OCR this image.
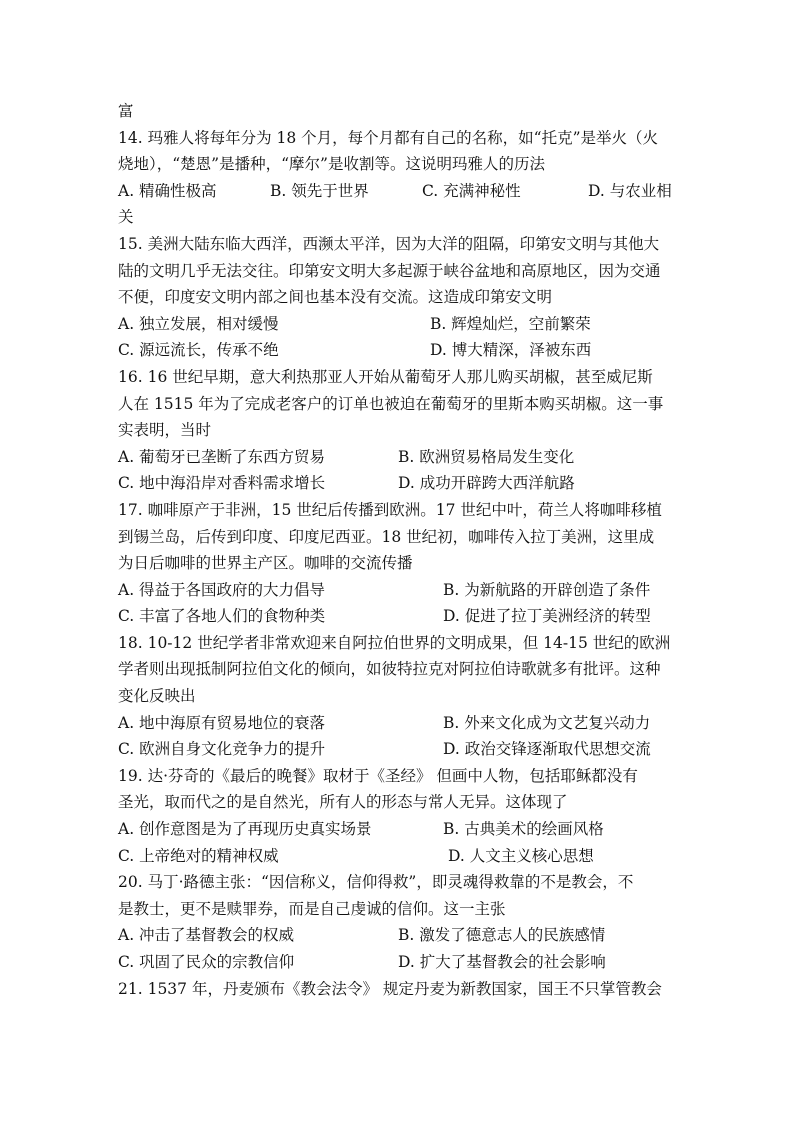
富
14. 玛雅人将每年分为 18 个月，每个月都有自己的名称，如“托克”是举火（火
烧地），“楚恩”是播种，“摩尔”是收割等。这说明玛雅人的历法
A. 精确性极高	B. 领先于世界	C. 充满神秘性	D. 与农业相
关
15. 美洲大陆东临大西洋，西濒太平洋，因为大洋的阻隔，印第安文明与其他大
陆的文明几乎无法交往。印第安文明大多起源于峡谷盆地和高原地区，因为交通
不便，印度安文明内部之间也基本没有交流。这造成印第安文明
A. 独立发展，相对缓慢	B. 辉煌灿烂，空前繁荣
C. 源远流长，传承不绝	D. 博大精深，泽被东西
16. 16 世纪早期，意大利热那亚人开始从葡萄牙人那儿购买胡椒，甚至威尼斯
人在 1515 年为了完成老客户的订单也被迫在葡萄牙的里斯本购买胡椒。这一事
实表明，当时
A. 葡萄牙已垄断了东西方贸易	B. 欧洲贸易格局发生变化
C. 地中海沿岸对香料需求增长	D. 成功开辟跨大西洋航路
17. 咖啡原产于非洲，15 世纪后传播到欧洲。17 世纪中叶，荷兰人将咖啡移植
到锡兰岛，后传到印度、印度尼西亚。18 世纪初，咖啡传入拉丁美洲，这里成
为日后咖啡的世界主产区。咖啡的交流传播
A. 得益于各国政府的大力倡导	B. 为新航路的开辟创造了条件
C. 丰富了各地人们的食物种类	D. 促进了拉丁美洲经济的转型
18. 10-12 世纪学者非常欢迎来自阿拉伯世界的文明成果，但 14-15 世纪的欧洲
学者则出现抵制阿拉伯文化的倾向，如彼特拉克对阿拉伯诗歌就多有批评。这种
变化反映出
A. 地中海原有贸易地位的衰落	B. 外来文化成为文艺复兴动力
C. 欧洲自身文化竞争力的提升	D. 政治交锋逐渐取代思想交流
19. 达·芬奇的《最后的晚餐》取材于《圣经》 但画中人物，包括耶稣都没有
圣光，取而代之的是自然光，所有人的形态与常人无异。这体现了
A. 创作意图是为了再现历史真实场景	B. 古典美术的绘画风格
C. 上帝绝对的精神权威	D. 人文主义核心思想
20. 马丁·路德主张：“因信称义，信仰得救”，即灵魂得救靠的不是教会，不
是教士，更不是赎罪券，而是自己虔诚的信仰。这一主张
A. 冲击了基督教会的权威	B. 激发了德意志人的民族感情
C. 巩固了民众的宗教信仰	D. 扩大了基督教会的社会影响
21. 1537 年，丹麦颁布《教会法令》 规定丹麦为新教国家，国王不只掌管教会
